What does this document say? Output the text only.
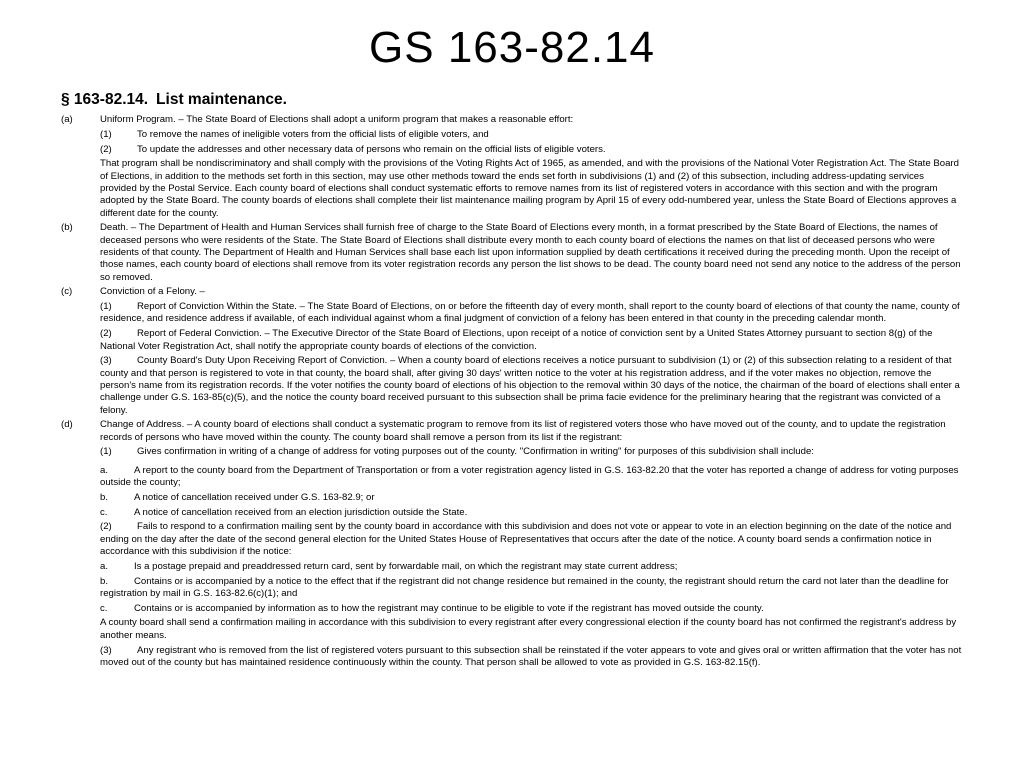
GS 163-82.14
§ 163-82.14. List maintenance.
(a)	Uniform Program. – The State Board of Elections shall adopt a uniform program that makes a reasonable effort:
(1)	To remove the names of ineligible voters from the official lists of eligible voters, and
(2)	To update the addresses and other necessary data of persons who remain on the official lists of eligible voters.
That program shall be nondiscriminatory and shall comply with the provisions of the Voting Rights Act of 1965, as amended, and with the provisions of the National Voter Registration Act. The State Board of Elections, in addition to the methods set forth in this section, may use other methods toward the ends set forth in subdivisions (1) and (2) of this subsection, including address-updating services provided by the Postal Service. Each county board of elections shall conduct systematic efforts to remove names from its list of registered voters in accordance with this section and with the program adopted by the State Board. The county boards of elections shall complete their list maintenance mailing program by April 15 of every odd-numbered year, unless the State Board of Elections approves a different date for the county.
(b)	Death. – The Department of Health and Human Services shall furnish free of charge to the State Board of Elections every month, in a format prescribed by the State Board of Elections, the names of deceased persons who were residents of the State. The State Board of Elections shall distribute every month to each county board of elections the names on that list of deceased persons who were residents of that county. The Department of Health and Human Services shall base each list upon information supplied by death certifications it received during the preceding month. Upon the receipt of those names, each county board of elections shall remove from its voter registration records any person the list shows to be dead. The county board need not send any notice to the address of the person so removed.
(c)	Conviction of a Felony. –
(1)	Report of Conviction Within the State. – The State Board of Elections, on or before the fifteenth day of every month, shall report to the county board of elections of that county the name, county of residence, and residence address if available, of each individual against whom a final judgment of conviction of a felony has been entered in that county in the preceding calendar month.
(2)	Report of Federal Conviction. – The Executive Director of the State Board of Elections, upon receipt of a notice of conviction sent by a United States Attorney pursuant to section 8(g) of the National Voter Registration Act, shall notify the appropriate county boards of elections of the conviction.
(3)	County Board's Duty Upon Receiving Report of Conviction. – When a county board of elections receives a notice pursuant to subdivision (1) or (2) of this subsection relating to a resident of that county and that person is registered to vote in that county, the board shall, after giving 30 days' written notice to the voter at his registration address, and if the voter makes no objection, remove the person's name from its registration records. If the voter notifies the county board of elections of his objection to the removal within 30 days of the notice, the chairman of the board of elections shall enter a challenge under G.S. 163-85(c)(5), and the notice the county board received pursuant to this subsection shall be prima facie evidence for the preliminary hearing that the registrant was convicted of a felony.
(d)	Change of Address. – A county board of elections shall conduct a systematic program to remove from its list of registered voters those who have moved out of the county, and to update the registration records of persons who have moved within the county. The county board shall remove a person from its list if the registrant:
(1)	Gives confirmation in writing of a change of address for voting purposes out of the county. "Confirmation in writing" for purposes of this subdivision shall include:
a.	A report to the county board from the Department of Transportation or from a voter registration agency listed in G.S. 163-82.20 that the voter has reported a change of address for voting purposes outside the county;
b.	A notice of cancellation received under G.S. 163-82.9; or
c.	A notice of cancellation received from an election jurisdiction outside the State.
(2)	Fails to respond to a confirmation mailing sent by the county board in accordance with this subdivision and does not vote or appear to vote in an election beginning on the date of the notice and ending on the day after the date of the second general election for the United States House of Representatives that occurs after the date of the notice. A county board sends a confirmation notice in accordance with this subdivision if the notice:
a.	Is a postage prepaid and preaddressed return card, sent by forwardable mail, on which the registrant may state current address;
b.	Contains or is accompanied by a notice to the effect that if the registrant did not change residence but remained in the county, the registrant should return the card not later than the deadline for registration by mail in G.S. 163-82.6(c)(1); and
c.	Contains or is accompanied by information as to how the registrant may continue to be eligible to vote if the registrant has moved outside the county.
A county board shall send a confirmation mailing in accordance with this subdivision to every registrant after every congressional election if the county board has not confirmed the registrant's address by another means.
(3)	Any registrant who is removed from the list of registered voters pursuant to this subsection shall be reinstated if the voter appears to vote and gives oral or written affirmation that the voter has not moved out of the county but has maintained residence continuously within the county. That person shall be allowed to vote as provided in G.S. 163-82.15(f).
